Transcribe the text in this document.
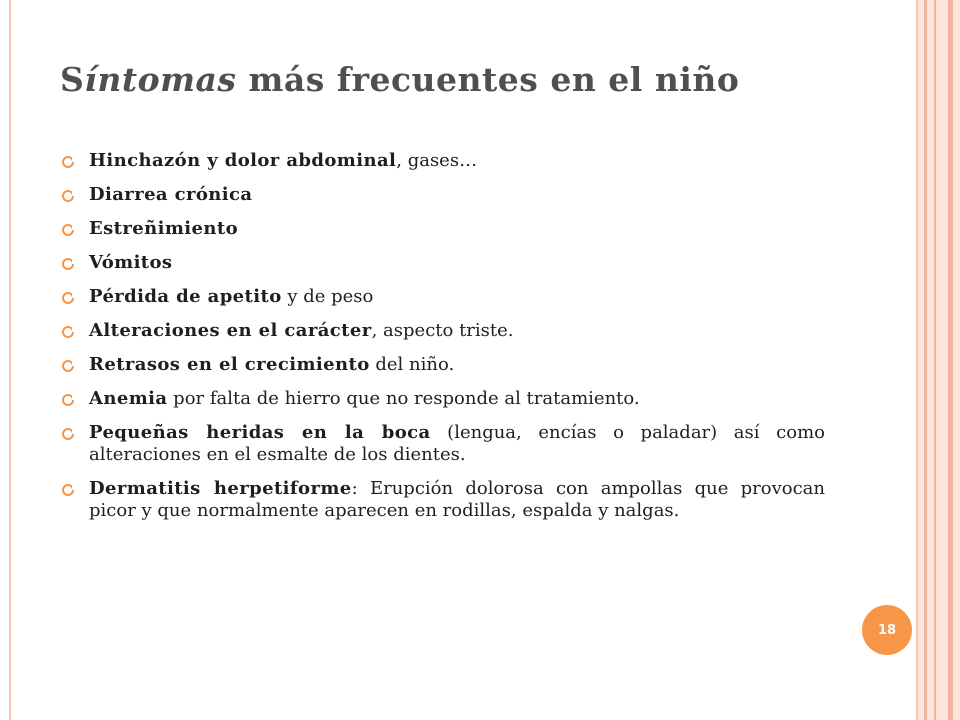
Síntomas más frecuentes en el niño
Hinchazón y dolor abdominal, gases…
Diarrea crónica
Estreñimiento
Vómitos
Pérdida de apetito y de peso
Alteraciones en el carácter, aspecto triste.
Retrasos en el crecimiento del niño.
Anemia por falta de hierro que no responde al tratamiento.
Pequeñas heridas en la boca (lengua, encías o paladar) así como alteraciones en el esmalte de los dientes.
Dermatitis herpetiforme: Erupción dolorosa con ampollas que provocan picor y que normalmente aparecen en rodillas, espalda y nalgas.
18
